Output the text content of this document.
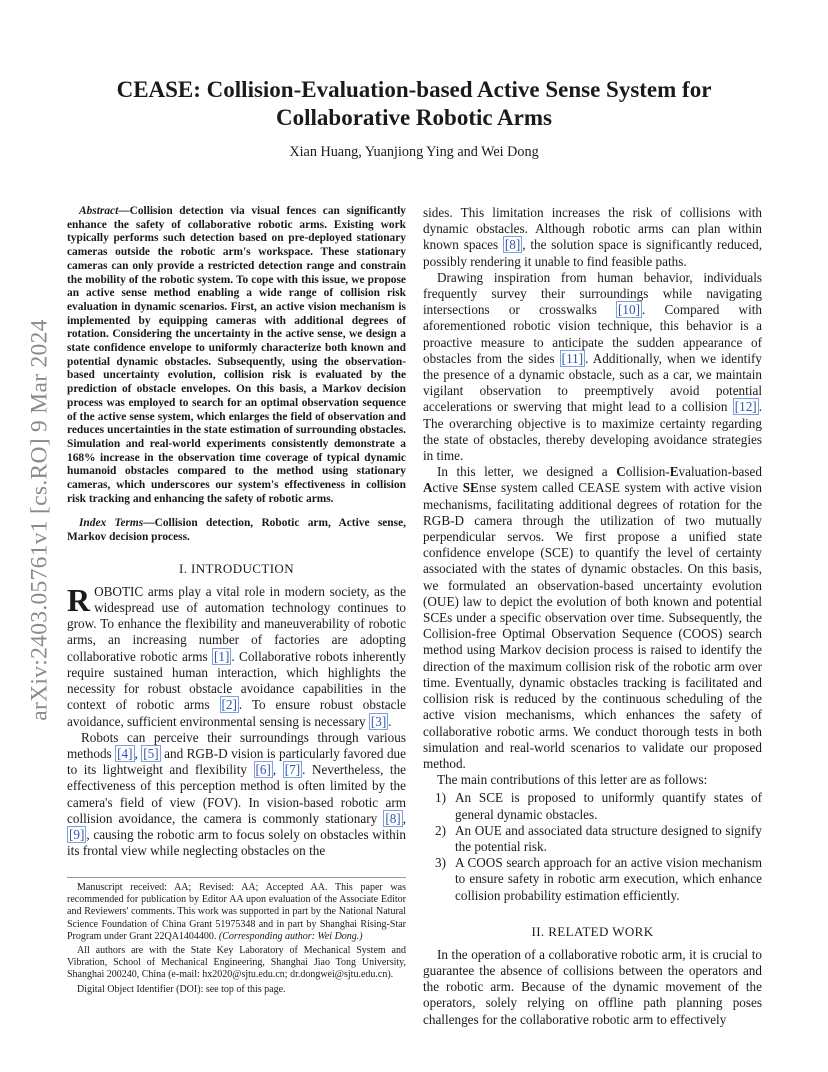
arXiv:2403.05761v1 [cs.RO] 9 Mar 2024
CEASE: Collision-Evaluation-based Active Sense System for Collaborative Robotic Arms
Xian Huang, Yuanjiong Ying and Wei Dong

Abstract—Collision detection via visual fences can significantly enhance the safety of collaborative robotic arms. Existing work typically performs such detection based on pre-deployed stationary cameras outside the robotic arm's workspace. These stationary cameras can only provide a restricted detection range and constrain the mobility of the robotic system. To cope with this issue, we propose an active sense method enabling a wide range of collision risk evaluation in dynamic scenarios. First, an active vision mechanism is implemented by equipping cameras with additional degrees of rotation. Considering the uncertainty in the active sense, we design a state confidence envelope to uniformly characterize both known and potential dynamic obstacles. Subsequently, using the observation-based uncertainty evolution, collision risk is evaluated by the prediction of obstacle envelopes. On this basis, a Markov decision process was employed to search for an optimal observation sequence of the active sense system, which enlarges the field of observation and reduces uncertainties in the state estimation of surrounding obstacles. Simulation and real-world experiments consistently demonstrate a 168% increase in the observation time coverage of typical dynamic humanoid obstacles compared to the method using stationary cameras, which underscores our system's effectiveness in collision risk tracking and enhancing the safety of robotic arms.

Index Terms—Collision detection, Robotic arm, Active sense, Markov decision process.

I. INTRODUCTION

ROBOTIC arms play a vital role in modern society, as the widespread use of automation technology continues to grow. To enhance the flexibility and maneuverability of robotic arms, an increasing number of factories are adopting collaborative robotic arms [1] . Collaborative robots inherently require sustained human interaction, which highlights the necessity for robust obstacle avoidance capabilities in the context of robotic arms [2] . To ensure robust obstacle avoidance, sufficient environmental sensing is necessary [3] .

Robots can perceive their surroundings through various methods [4] , [5] and RGB-D vision is particularly favored due to its lightweight and flexibility [6] , [7] . Nevertheless, the effectiveness of this perception method is often limited by the camera's field of view (FOV). In vision-based robotic arm collision avoidance, the camera is commonly stationary [8] , [9] , causing the robotic arm to focus solely on obstacles within its frontal view while neglecting obstacles on the

Manuscript received: AA; Revised: AA; Accepted AA. This paper was recommended for publication by Editor AA upon evaluation of the Associate Editor and Reviewers' comments. This work was supported in part by the National Natural Science Foundation of China Grant 51975348 and in part by Shanghai Rising-Star Program under Grant 22QA1404400. (Corresponding author: Wei Dong.)

All authors are with the State Key Laboratory of Mechanical System and Vibration, School of Mechanical Engineering, Shanghai Jiao Tong University, Shanghai 200240, China (e-mail: hx2020@sjtu.edu.cn; dr.dongwei@sjtu.edu.cn).

Digital Object Identifier (DOI): see top of this page.

sides. This limitation increases the risk of collisions with dynamic obstacles. Although robotic arms can plan within known spaces [8] , the solution space is significantly reduced, possibly rendering it unable to find feasible paths.

Drawing inspiration from human behavior, individuals frequently survey their surroundings while navigating intersections or crosswalks [10] . Compared with aforementioned robotic vision technique, this behavior is a proactive measure to anticipate the sudden appearance of obstacles from the sides [11] . Additionally, when we identify the presence of a dynamic obstacle, such as a car, we maintain vigilant observation to preemptively avoid potential accelerations or swerving that might lead to a collision [12] . The overarching objective is to maximize certainty regarding the state of obstacles, thereby developing avoidance strategies in time.

In this letter, we designed a Collision-Evaluation-based Active SEnse system called CEASE system with active vision mechanisms, facilitating additional degrees of rotation for the RGB-D camera through the utilization of two mutually perpendicular servos. We first propose a unified state confidence envelope (SCE) to quantify the level of certainty associated with the states of dynamic obstacles. On this basis, we formulated an observation-based uncertainty evolution (OUE) law to depict the evolution of both known and potential SCEs under a specific observation over time. Subsequently, the Collision-free Optimal Observation Sequence (COOS) search method using Markov decision process is raised to identify the direction of the maximum collision risk of the robotic arm over time. Eventually, dynamic obstacles tracking is facilitated and collision risk is reduced by the continuous scheduling of the active vision mechanisms, which enhances the safety of collaborative robotic arms. We conduct thorough tests in both simulation and real-world scenarios to validate our proposed method.

The main contributions of this letter are as follows:

1) An SCE is proposed to uniformly quantify states of general dynamic obstacles.
2) An OUE and associated data structure designed to signify the potential risk.
3) A COOS search approach for an active vision mechanism to ensure safety in robotic arm execution, which enhance collision probability estimation efficiently.
II. RELATED WORK

In the operation of a collaborative robotic arm, it is crucial to guarantee the absence of collisions between the operators and the robotic arm. Because of the dynamic movement of the operators, solely relying on offline path planning poses challenges for the collaborative robotic arm to effectively
